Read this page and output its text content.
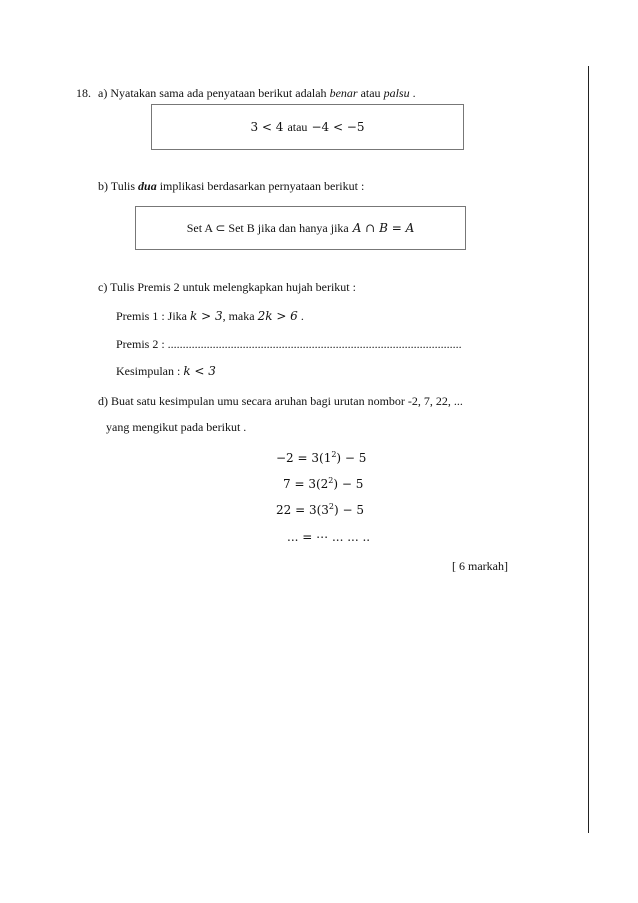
18. a) Nyatakan sama ada penyataan berikut adalah benar atau palsu .
3 < 4 atau −4 < −5
b) Tulis dua implikasi berdasarkan pernyataan berikut :
Set A ⊂ Set B jika dan hanya jika A ∩ B = A
c) Tulis Premis 2 untuk melengkapkan hujah berikut :
Premis 1 : Jika k > 3, maka 2k > 6 .
Premis 2 : ..................................................................................................
Kesimpulan : k < 3
d) Buat satu kesimpulan umu secara aruhan bagi urutan nombor -2, 7, 22, ...
yang mengikut pada berikut .
$-2 = 3(1^2) - 5$
$7 = 3(2^2) - 5$
$22 = 3(3^2) - 5$
... = ⋯ ... ... ..
[ 6 markah]
